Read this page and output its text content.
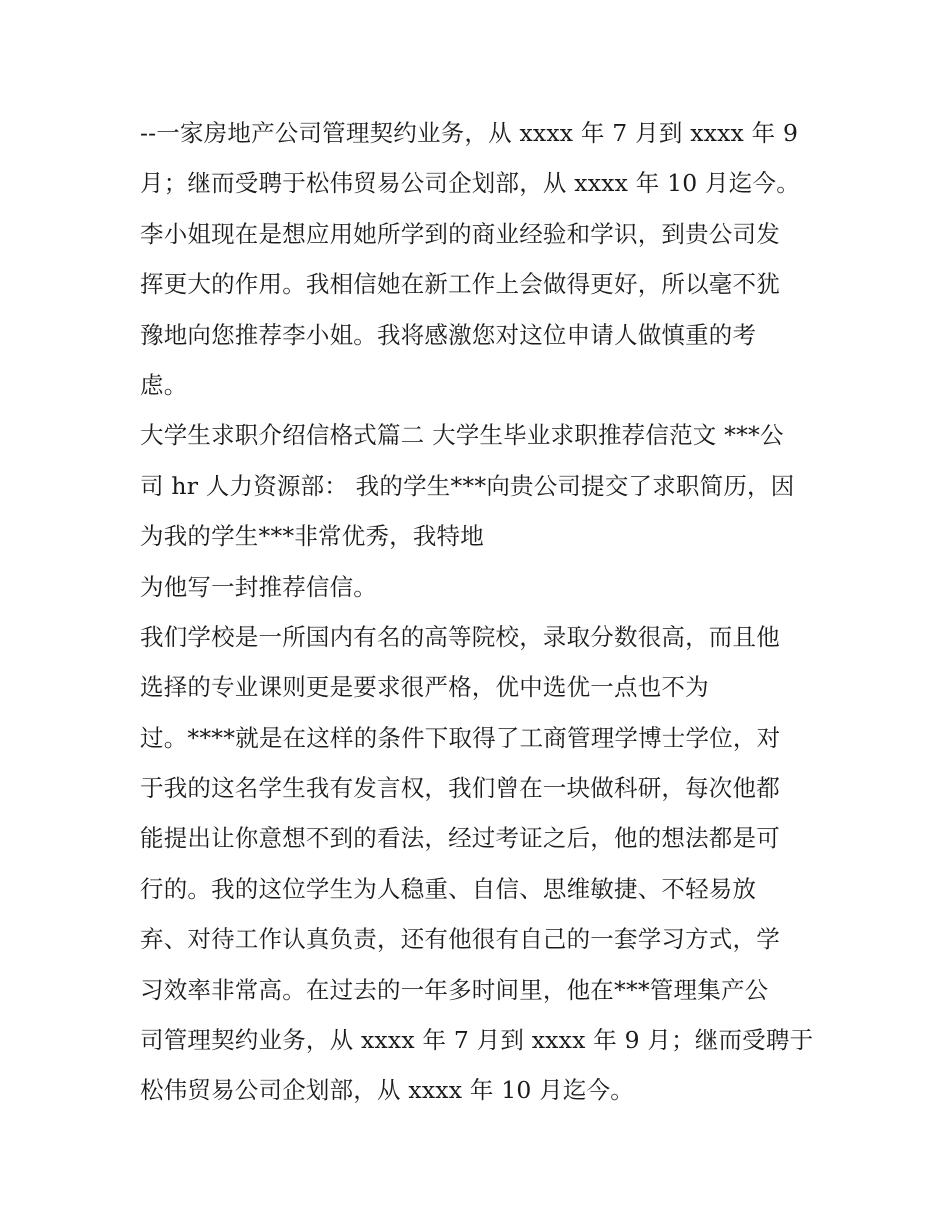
--一家房地产公司管理契约业务，从 xxxx 年 7 月到 xxxx 年 9
月；继而受聘于松伟贸易公司企划部，从 xxxx 年 10 月迄今。
李小姐现在是想应用她所学到的商业经验和学识，到贵公司发
挥更大的作用。我相信她在新工作上会做得更好，所以毫不犹
豫地向您推荐李小姐。我将感激您对这位申请人做慎重的考
虑。
大学生求职介绍信格式篇二 大学生毕业求职推荐信范文 ***公
司 hr 人力资源部： 我的学生***向贵公司提交了求职简历，因
为我的学生***非常优秀，我特地
为他写一封推荐信信。
我们学校是一所国内有名的高等院校，录取分数很高，而且他
选择的专业课则更是要求很严格，优中选优一点也不为
过。****就是在这样的条件下取得了工商管理学博士学位，对
于我的这名学生我有发言权，我们曾在一块做科研，每次他都
能提出让你意想不到的看法，经过考证之后，他的想法都是可
行的。我的这位学生为人稳重、自信、思维敏捷、不轻易放
弃、对待工作认真负责，还有他很有自己的一套学习方式，学
习效率非常高。在过去的一年多时间里，他在***管理集产公
司管理契约业务，从 xxxx 年 7 月到 xxxx 年 9 月；继而受聘于
松伟贸易公司企划部，从 xxxx 年 10 月迄今。
